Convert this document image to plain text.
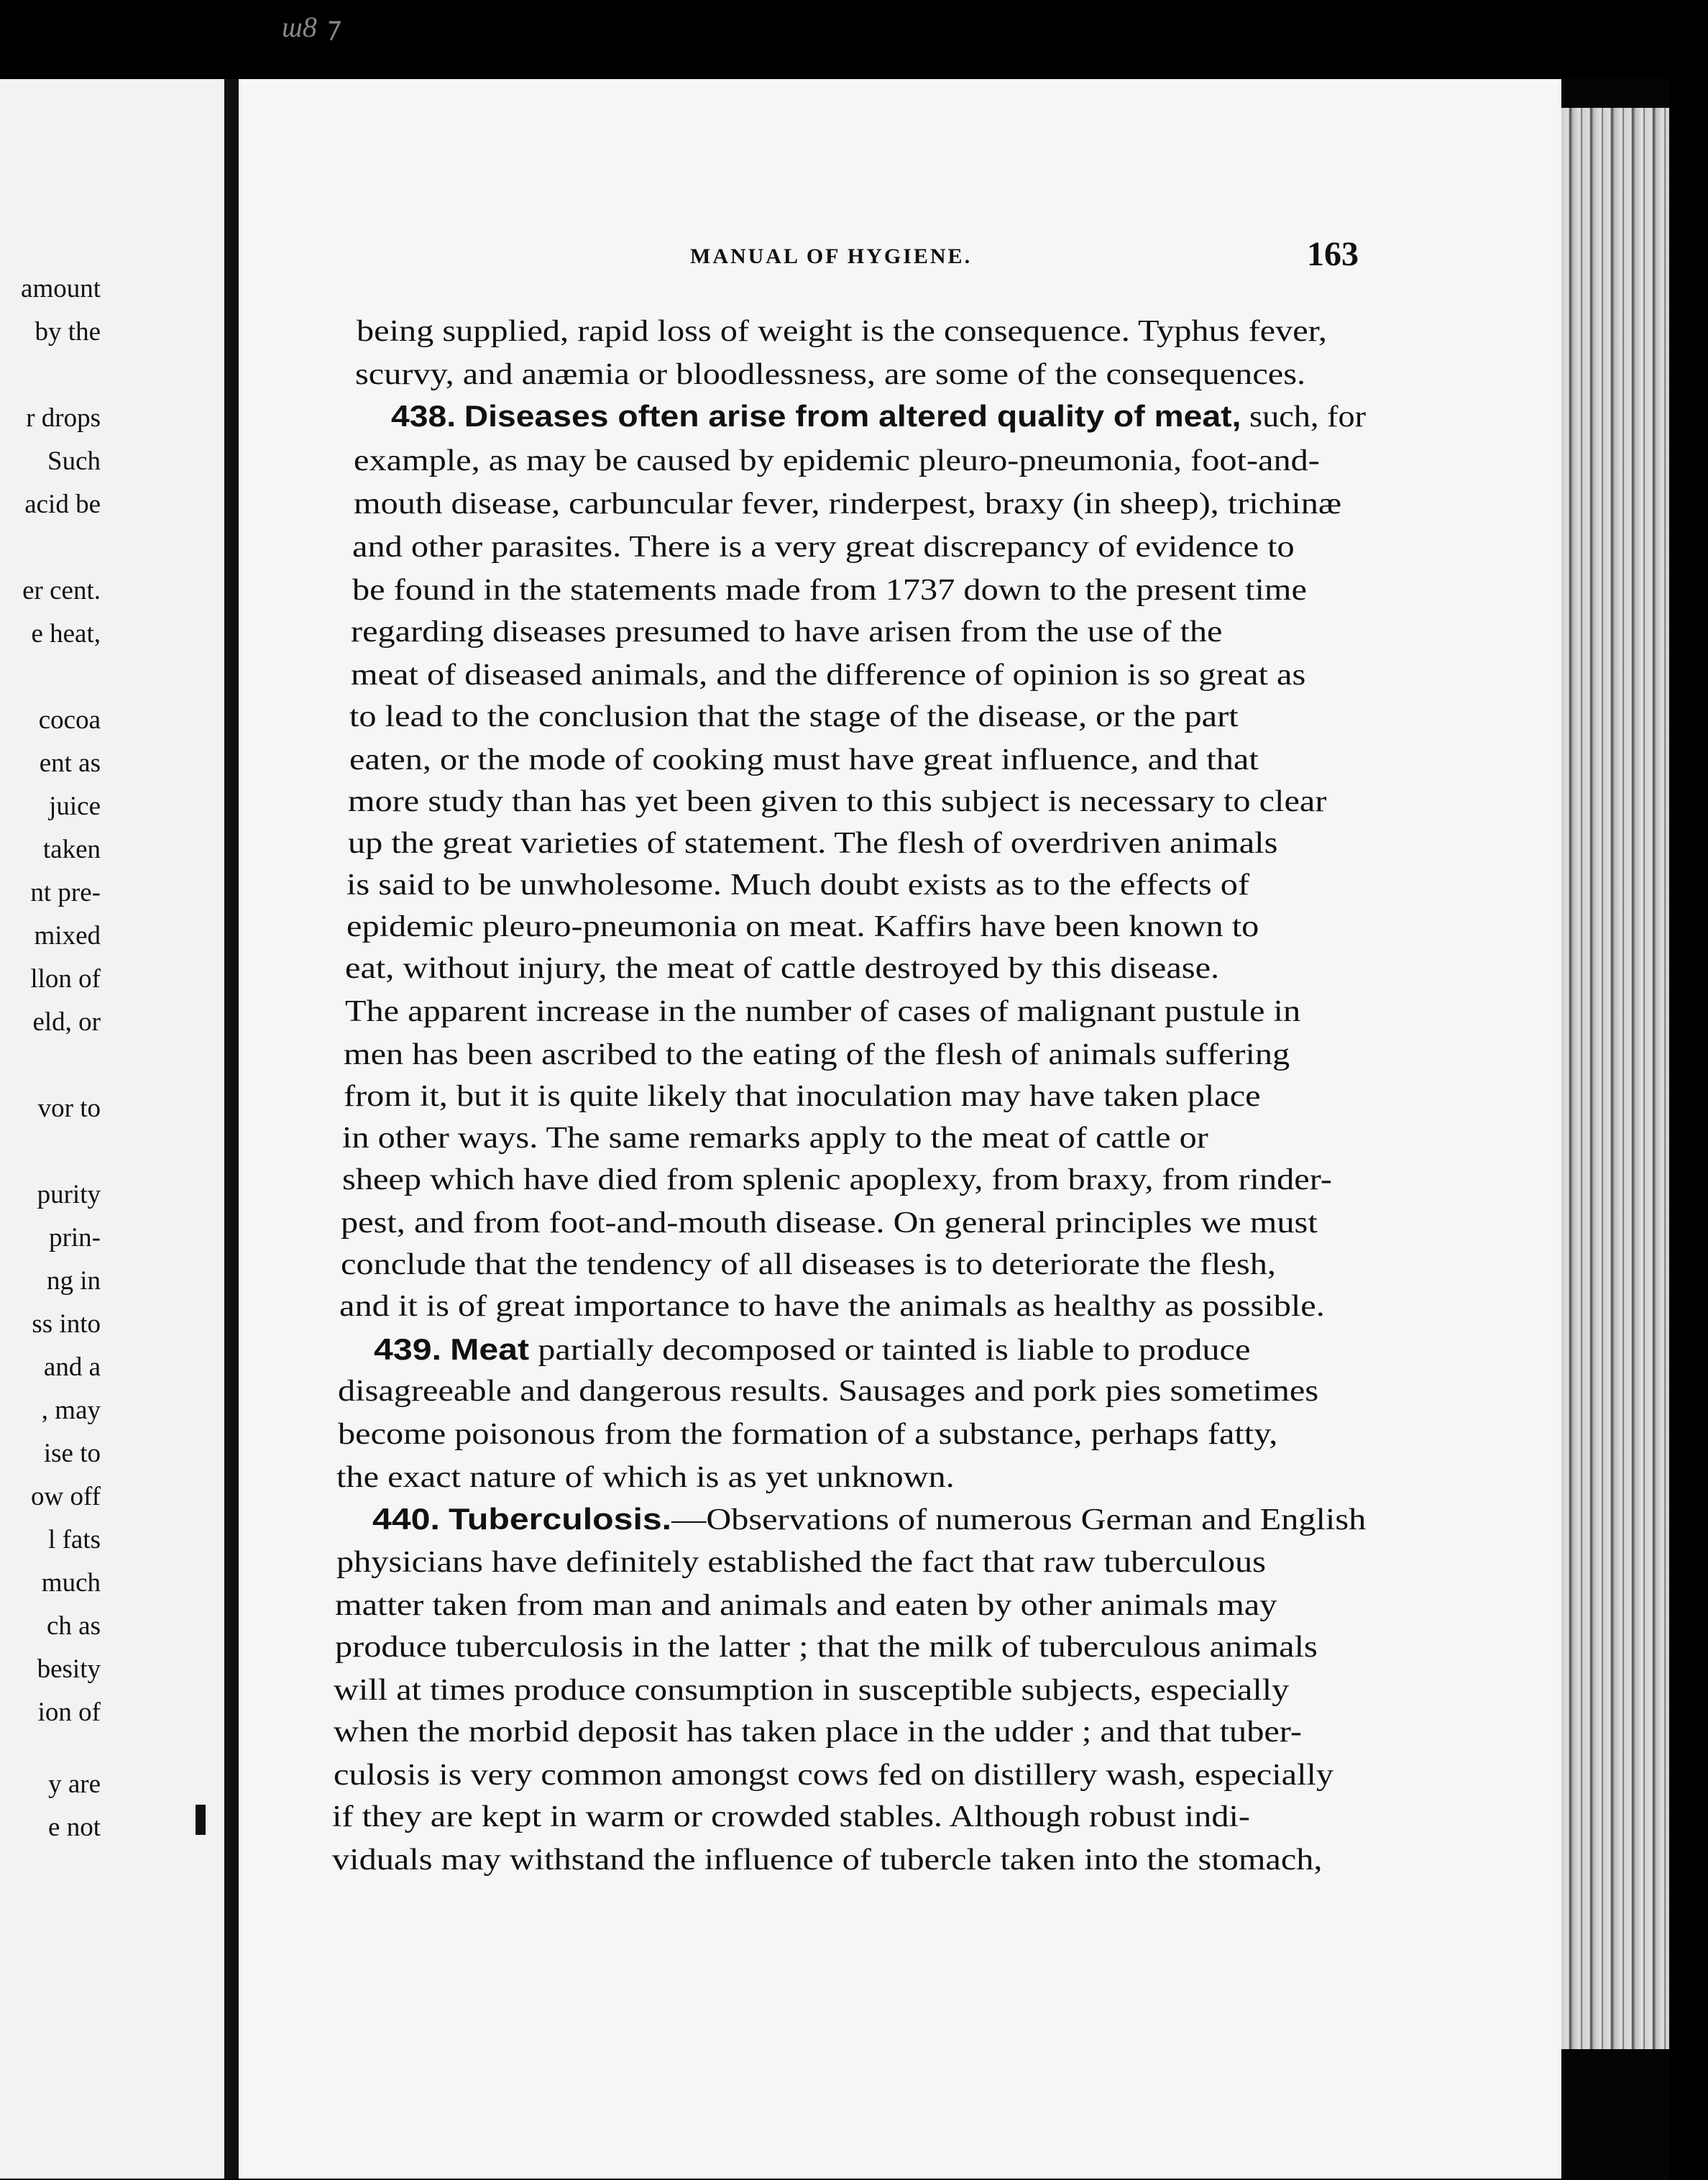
ɯ8 ⁊
amount
by the
r drops
Such
acid be
er cent.
e heat,
cocoa
ent as
juice
taken
nt pre-
mixed
llon of
eld, or
vor to
purity
prin-
ng in
ss into
and a
, may
ise to
ow off
l fats
much
ch as
besity
ion of
y are
e not
MANUAL OF HYGIENE.	163
being supplied, rapid loss of weight is the consequence. Typhus fever,
scurvy, and anæmia or bloodlessness, are some of the consequences.
438. Diseases often arise from altered quality of meat, such, for
example, as may be caused by epidemic pleuro-pneumonia, foot-and-
mouth disease, carbuncular fever, rinderpest, braxy (in sheep), trichinæ
and other parasites. There is a very great discrepancy of evidence to
be found in the statements made from 1737 down to the present time
regarding diseases presumed to have arisen from the use of the
meat of diseased animals, and the difference of opinion is so great as
to lead to the conclusion that the stage of the disease, or the part
eaten, or the mode of cooking must have great influence, and that
more study than has yet been given to this subject is necessary to clear
up the great varieties of statement. The flesh of overdriven animals
is said to be unwholesome. Much doubt exists as to the effects of
epidemic pleuro-pneumonia on meat. Kaffirs have been known to
eat, without injury, the meat of cattle destroyed by this disease.
The apparent increase in the number of cases of malignant pustule in
men has been ascribed to the eating of the flesh of animals suffering
from it, but it is quite likely that inoculation may have taken place
in other ways. The same remarks apply to the meat of cattle or
sheep which have died from splenic apoplexy, from braxy, from rinder-
pest, and from foot-and-mouth disease. On general principles we must
conclude that the tendency of all diseases is to deteriorate the flesh,
and it is of great importance to have the animals as healthy as possible.
439. Meat partially decomposed or tainted is liable to produce
disagreeable and dangerous results. Sausages and pork pies sometimes
become poisonous from the formation of a substance, perhaps fatty,
the exact nature of which is as yet unknown.
440. Tuberculosis.—Observations of numerous German and English
physicians have definitely established the fact that raw tuberculous
matter taken from man and animals and eaten by other animals may
produce tuberculosis in the latter ; that the milk of tuberculous animals
will at times produce consumption in susceptible subjects, especially
when the morbid deposit has taken place in the udder ; and that tuber-
culosis is very common amongst cows fed on distillery wash, especially
if they are kept in warm or crowded stables. Although robust indi-
viduals may withstand the influence of tubercle taken into the stomach,
